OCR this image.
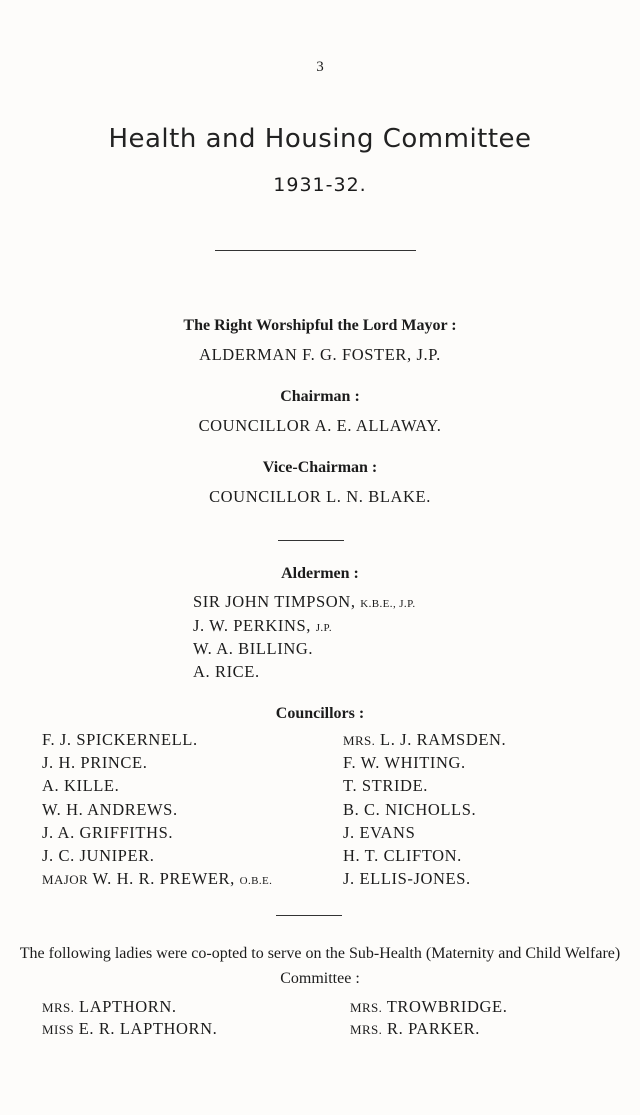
3
Health and Housing Committee
1931-32.
The Right Worshipful the Lord Mayor :
ALDERMAN F. G. FOSTER, J.P.
Chairman :
COUNCILLOR A. E. ALLAWAY.
Vice-Chairman :
COUNCILLOR L. N. BLAKE.
Aldermen :
SIR JOHN TIMPSON, K.B.E., J.P.
J. W. PERKINS, J.P.
W. A. BILLING.
A. RICE.
Councillors :
F. J. SPICKERNELL.
J. H. PRINCE.
A. KILLE.
W. H. ANDREWS.
J. A. GRIFFITHS.
J. C. JUNIPER.
MAJOR W. H. R. PREWER, O.B.E.
MRS. L. J. RAMSDEN.
F. W. WHITING.
T. STRIDE.
B. C. NICHOLLS.
J. EVANS
H. T. CLIFTON.
J. ELLIS-JONES.
The following ladies were co-opted to serve on the Sub-Health (Maternity and Child Welfare) Committee :
MRS. LAPTHORN.
MISS E. R. LAPTHORN.
MRS. TROWBRIDGE.
MRS. R. PARKER.
